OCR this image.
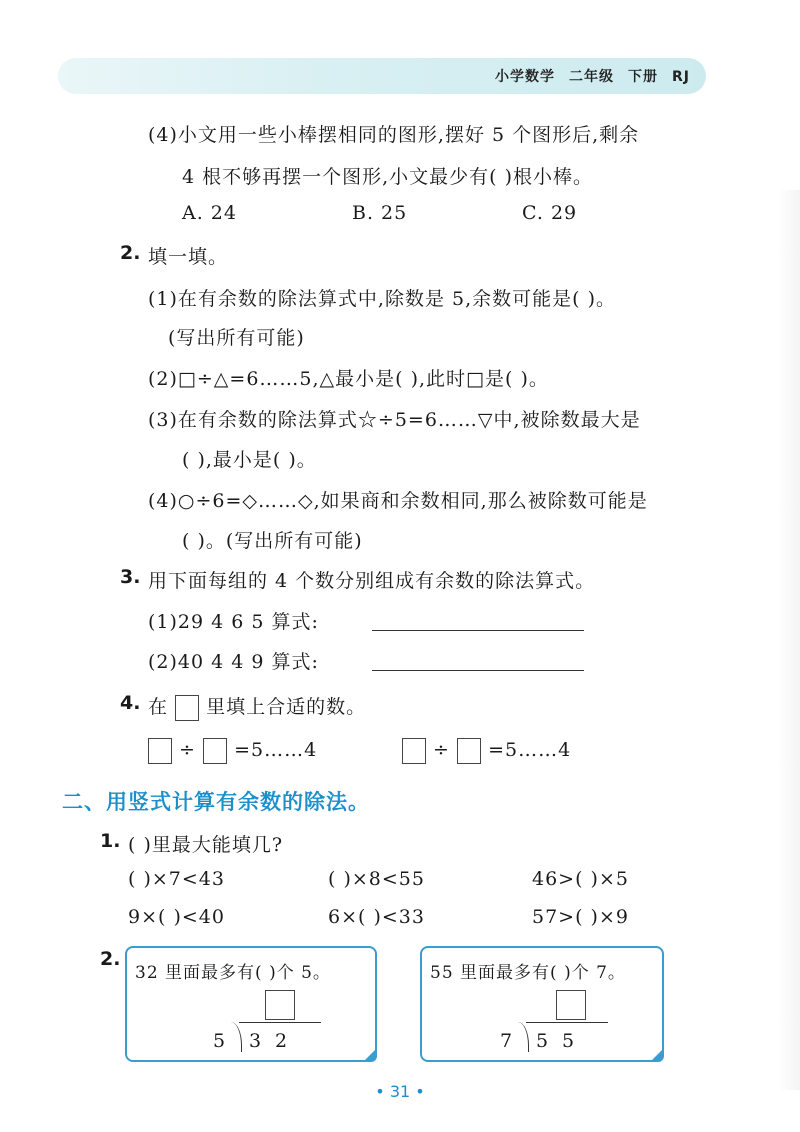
小学数学 二年级 下册 RJ
(4)小文用一些小棒摆相同的图形,摆好 5 个图形后,剩余
4 根不够再摆一个图形,小文最少有( )根小棒。
A. 24	B. 25	C. 29
2. 填一填。
(1)在有余数的除法算式中,除数是 5,余数可能是( )。
(写出所有可能)
(2)□÷△=6……5,△最小是( ),此时□是( )。
(3)在有余数的除法算式☆÷5=6……▽中,被除数最大是
( ),最小是( )。
(4)○÷6=◇……◇,如果商和余数相同,那么被除数可能是
( )。(写出所有可能)
3. 用下面每组的 4 个数分别组成有余数的除法算式。
(1)29 4 6 5 算式:
(2)40 4 4 9 算式:
4. 在 里填上合适的数。
÷ =5……4	÷ =5……4
二、用竖式计算有余数的除法。
1. ( )里最大能填几?
( )×7<43	( )×8<55	46>( )×5
9×( )<40	6×( )<33	57>( )×9
2.
32 里面最多有( )个 5。
5 3 2
55 里面最多有( )个 7。
7 5 5
• 31 •
